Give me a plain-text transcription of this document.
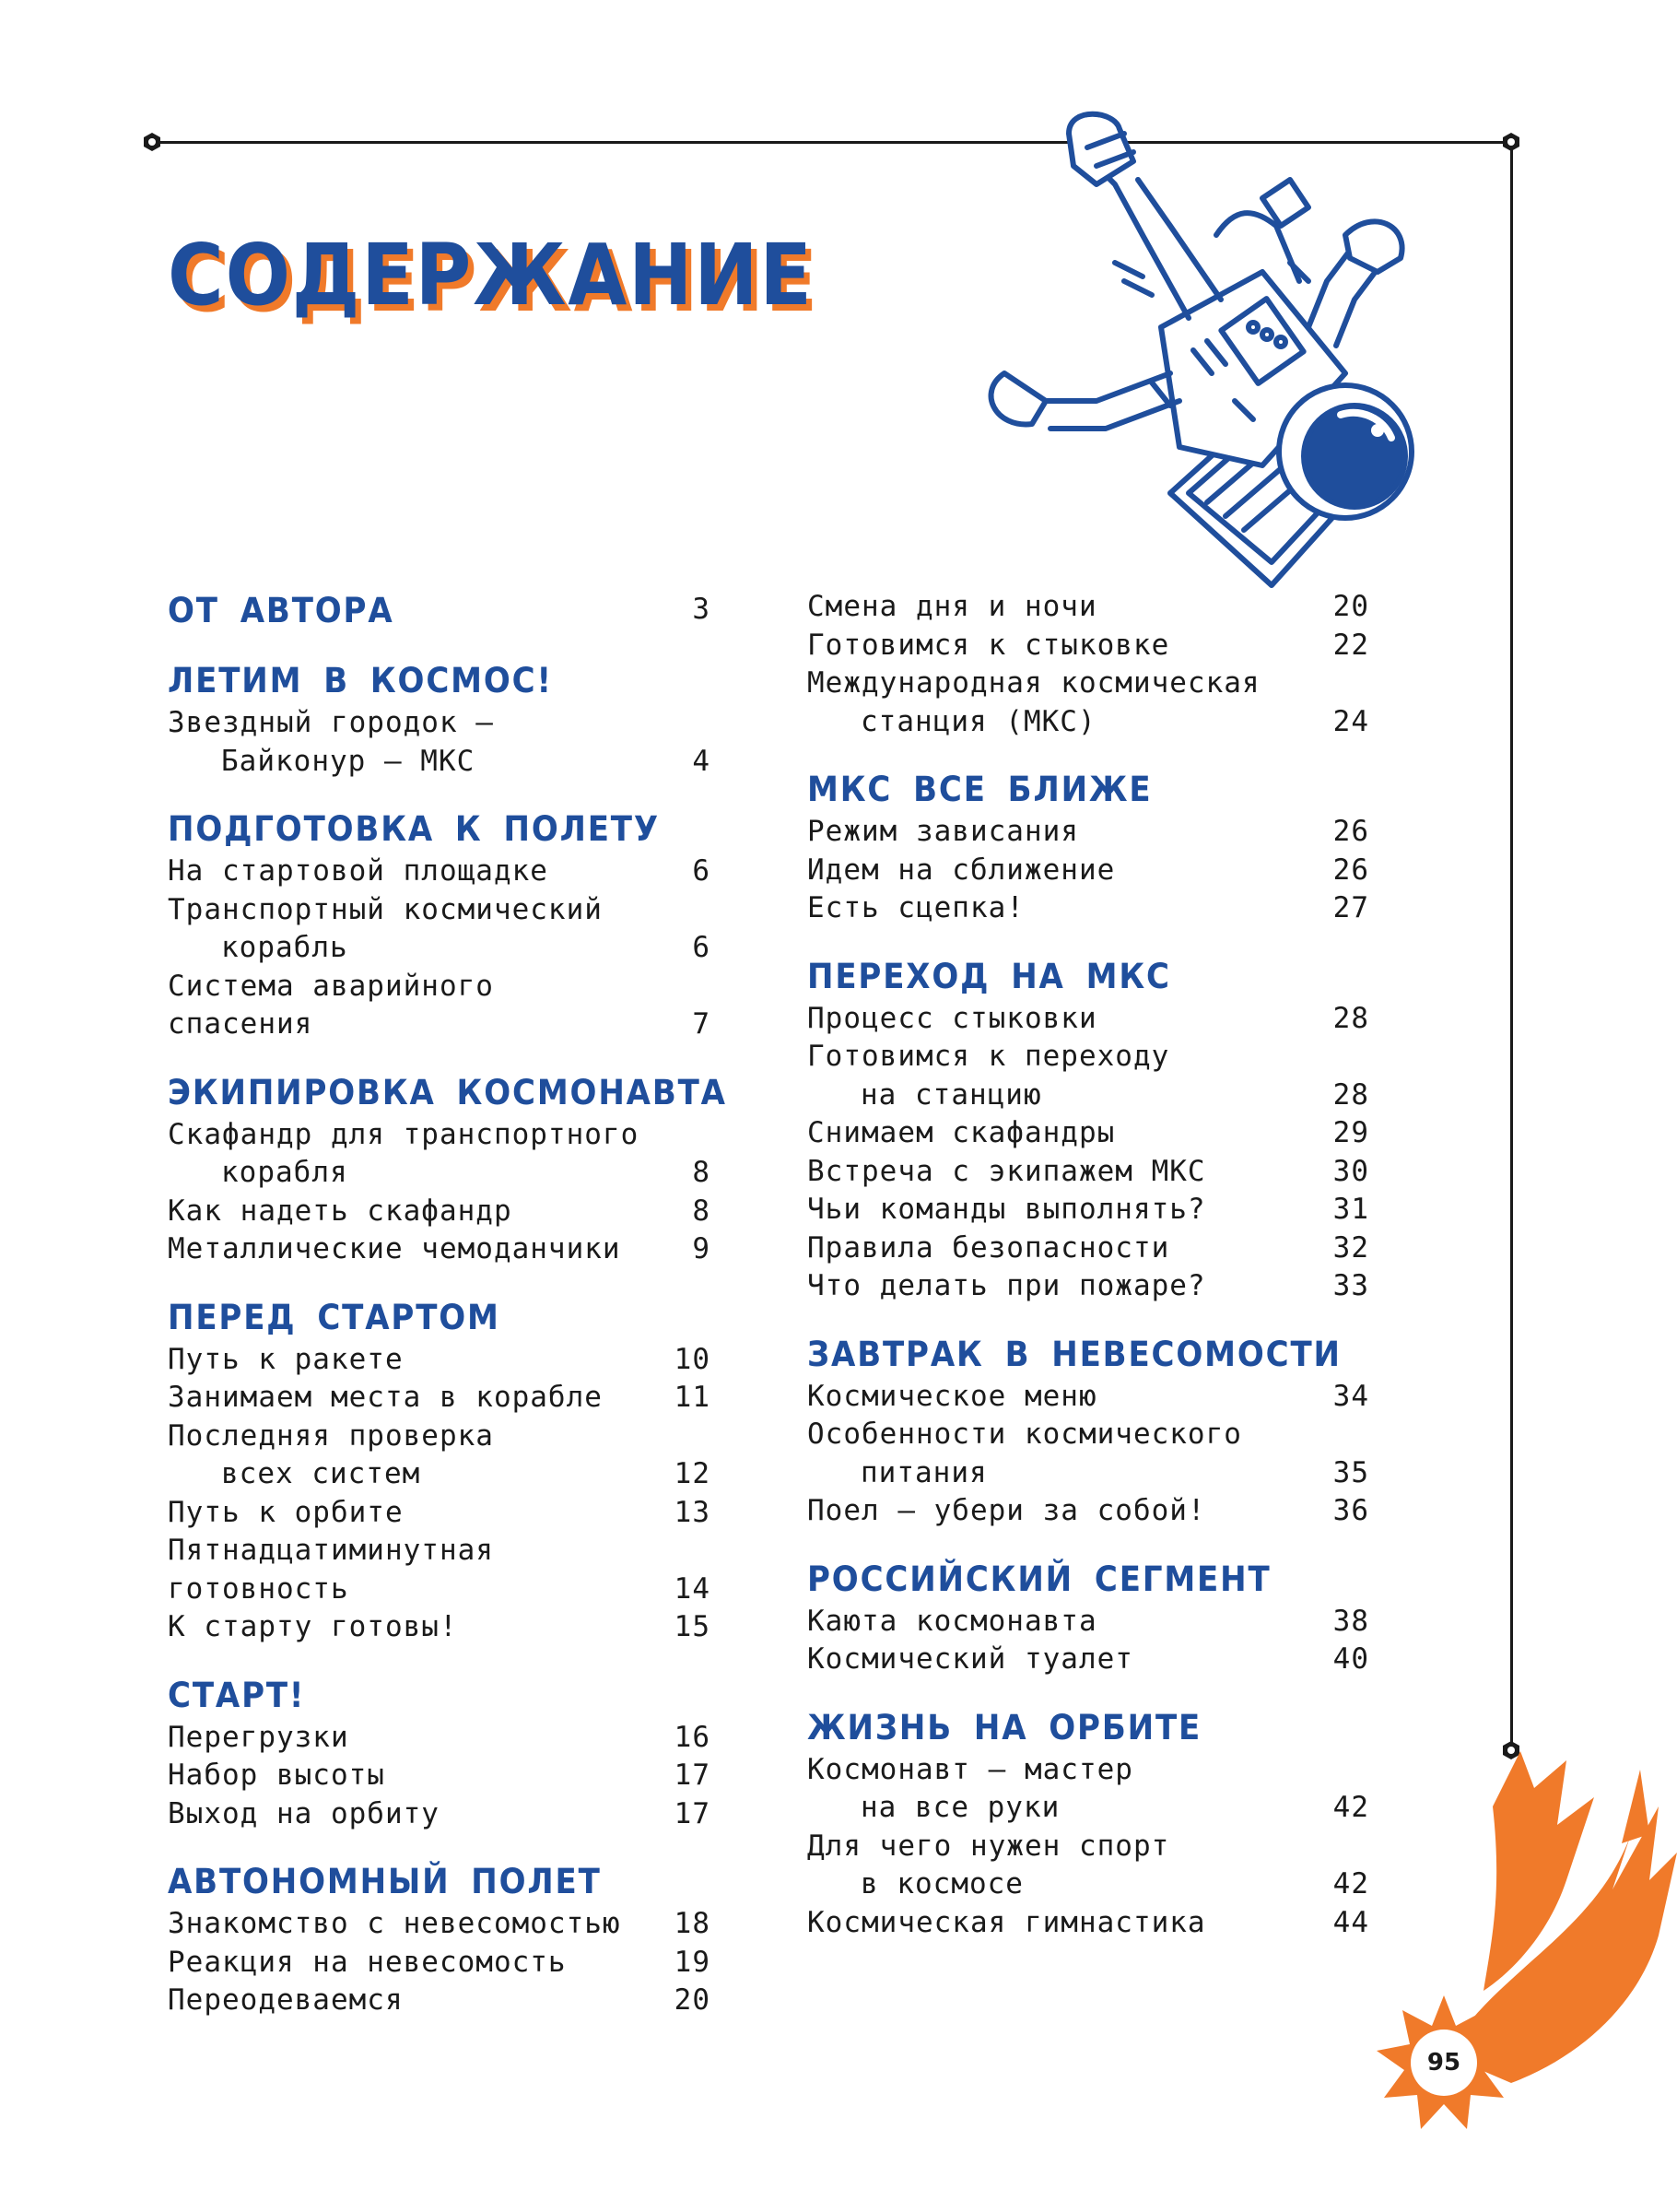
СОДЕРЖАНИЕ
ОТ АВТОРА	3
ЛЕТИМ В КОСМОС!
Звездный городок —
Байконур — МКС	4
ПОДГОТОВКА К ПОЛЕТУ
На стартовой площадке	6
Транспортный космический
корабль	6
Система аварийного спасения	7
ЭКИПИРОВКА КОСМОНАВТА
Скафандр для транспортного
корабля	8
Как надеть скафандр	8
Металлические чемоданчики	9
ПЕРЕД СТАРТОМ
Путь к ракете	10
Занимаем места в корабле	11
Последняя проверка
всех систем	12
Путь к орбите	13
Пятнадцатиминутная готовность	14
К старту готовы!	15
СТАРТ!
Перегрузки	16
Набор высоты	17
Выход на орбиту	17
АВТОНОМНЫЙ ПОЛЕТ
Знакомство с невесомостью	18
Реакция на невесомость	19
Переодеваемся	20
Смена дня и ночи	20
Готовимся к стыковке	22
Международная космическая
станция (МКС)	24
МКС ВСЕ БЛИЖЕ
Режим зависания	26
Идем на сближение	26
Есть сцепка!	27
ПЕРЕХОД НА МКС
Процесс стыковки	28
Готовимся к переходу
на станцию	28
Снимаем скафандры	29
Встреча с экипажем МКС	30
Чьи команды выполнять?	31
Правила безопасности	32
Что делать при пожаре?	33
ЗАВТРАК В НЕВЕСОМОСТИ
Космическое меню	34
Особенности космического
питания	35
Поел — убери за собой!	36
РОССИЙСКИЙ СЕГМЕНТ
Каюта космонавта	38
Космический туалет	40
ЖИЗНЬ НА ОРБИТЕ
Космонавт — мастер
на все руки	42
Для чего нужен спорт
в космосе	42
Космическая гимнастика	44
95
